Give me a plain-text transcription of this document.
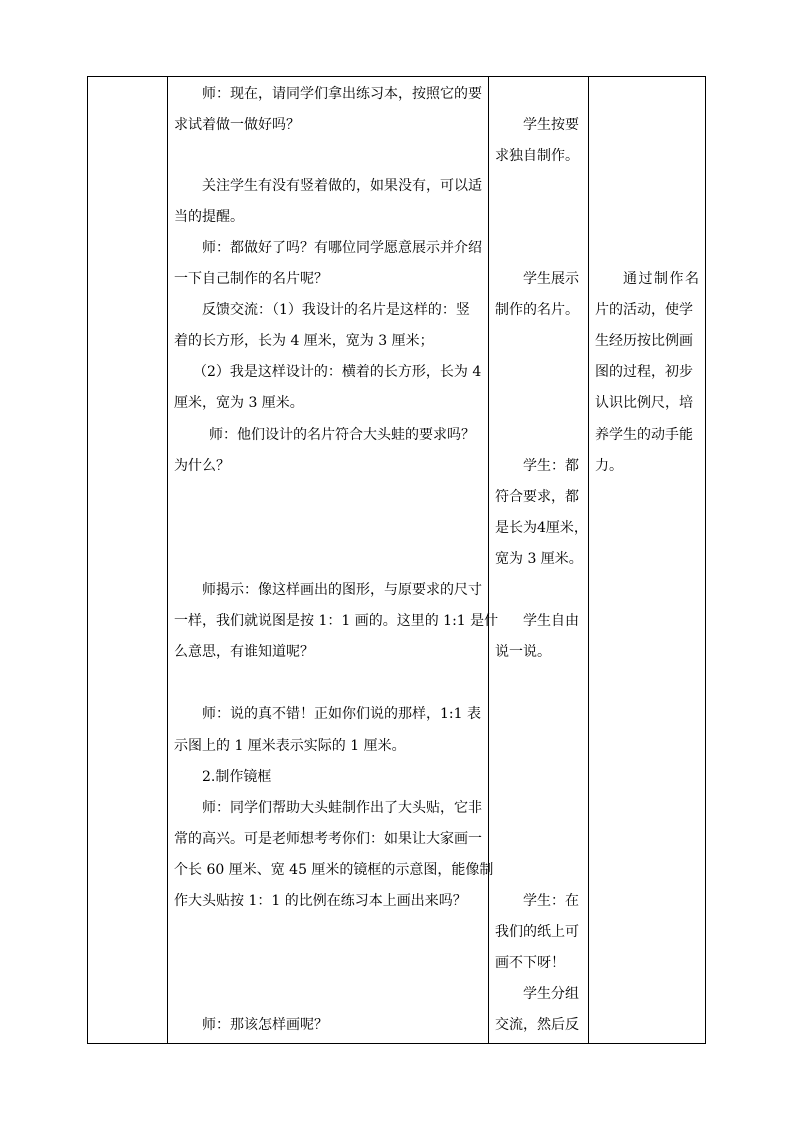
师：现在，请同学们拿出练习本，按照它的要
求试着做一做好吗？
关注学生有没有竖着做的，如果没有，可以适
当的提醒。
师：都做好了吗？有哪位同学愿意展示并介绍
一下自己制作的名片呢？
反馈交流：（1）我设计的名片是这样的：竖
着的长方形，长为 4 厘米，宽为 3 厘米；
（2）我是这样设计的：横着的长方形，长为 4
厘米，宽为 3 厘米。
师：他们设计的名片符合大头蛙的要求吗？
为什么？
师揭示：像这样画出的图形，与原要求的尺寸
一样，我们就说图是按 1：1 画的。这里的 1:1 是什
么意思，有谁知道呢？
师：说的真不错！正如你们说的那样，1:1 表
示图上的 1 厘米表示实际的 1 厘米。
2.制作镜框
师：同学们帮助大头蛙制作出了大头贴，它非
常的高兴。可是老师想考考你们：如果让大家画一
个长 60 厘米、宽 45 厘米的镜框的示意图，能像制
作大头贴按 1：1 的比例在练习本上画出来吗？
师：那该怎样画呢？
学生按要
求独自制作。
学生展示
制作的名片。
学生：都
符合要求，都
是长为4厘米，
宽为 3 厘米。
学生自由
说一说。
学生：在
我们的纸上可
画不下呀！
学生分组
交流，然后反
通过制作名
片的活动，使学
生经历按比例画
图的过程，初步
认识比例尺，培
养学生的动手能
力。
